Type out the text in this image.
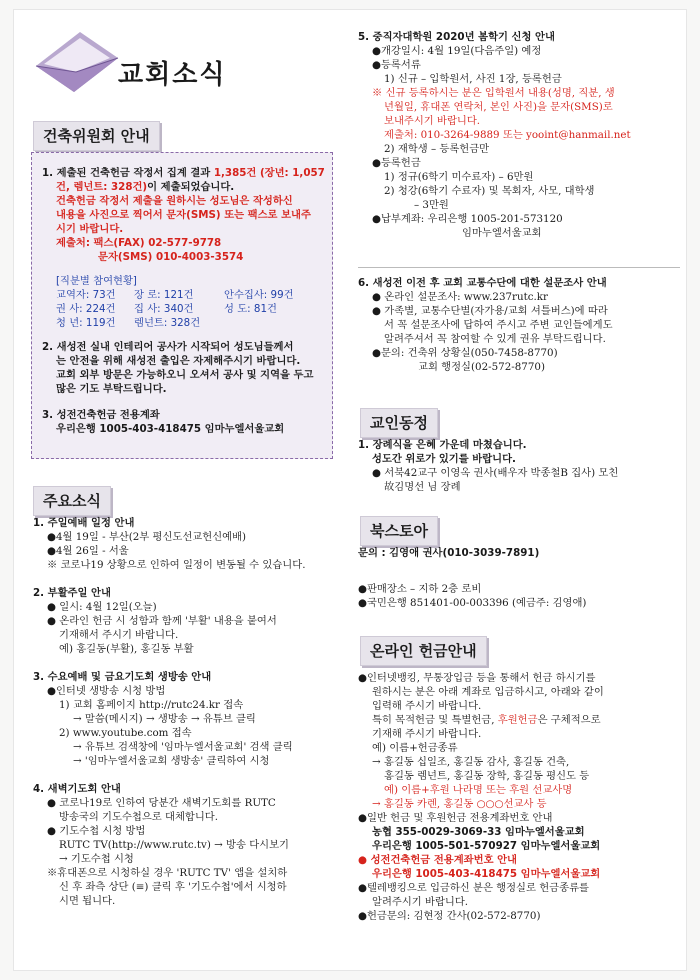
교회소식
건축위원회 안내
1. 제출된 건축헌금 작정서 집계 결과 1,385건 (장년: 1,057
건, 렘넌트: 328건)이 제출되었습니다.
건축헌금 작정서 제출을 원하시는 성도님은 작성하신
내용을 사진으로 찍어서 문자(SMS) 또는 팩스로 보내주
시기 바랍니다.
제출처: 팩스(FAX) 02-577-9778
문자(SMS) 010-4003-3574
[직분별 참여현황]
교역자: 73건	장 로: 121건	안수집사: 99건
권 사: 224건	집 사: 340건	성 도: 81건
청 년: 119건	렘넌트: 328건
2. 새성전 실내 인테리어 공사가 시작되어 성도님들께서
는 안전을 위해 새성전 출입은 자제해주시기 바랍니다.
교회 외부 방문은 가능하오니 오셔서 공사 및 지역을 두고
많은 기도 부탁드립니다.
3. 성전건축헌금 전용계좌
우리은행 1005-403-418475 임마누엘서울교회
주요소식
1. 주일예배 일정 안내
●4월 19일 - 부산(2부 평신도선교헌신예배)
●4월 26일 - 서울
※ 코로나19 상황으로 인하여 일정이 변동될 수 있습니다.
2. 부활주일 안내
● 일시: 4월 12일(오늘)
● 온라인 헌금 시 성함과 함께 '부활' 내용을 붙여서
기재해서 주시기 바랍니다.
예) 홍길동(부활), 홍길동 부활
3. 수요예배 및 금요기도회 생방송 안내
●인터넷 생방송 시청 방법
1) 교회 홈페이지 http://rutc24.kr 접속
→ 말씀(메시지) → 생방송 → 유튜브 클릭
2) www.youtube.com 접속
→ 유튜브 검색창에 '임마누엘서울교회' 검색 클릭
→ '임마누엘서울교회 생방송' 클릭하여 시청
4. 새벽기도회 안내
● 코로나19로 인하여 당분간 새벽기도회를 RUTC
방송국의 기도수첩으로 대체합니다.
● 기도수첩 시청 방법
RUTC TV(http://www.rutc.tv) → 방송 다시보기
→ 기도수첩 시청
※휴대폰으로 시청하실 경우 'RUTC TV' 앱을 설치하
신 후 좌측 상단 (≡) 클릭 후 '기도수첩'에서 시청하
시면 됩니다.
5. 중직자대학원 2020년 봄학기 신청 안내
●개강일시: 4월 19일(다음주일) 예정
●등록서류
1) 신규 – 입학원서, 사진 1장, 등록헌금
※ 신규 등록하시는 분은 입학원서 내용(성명, 직분, 생
년월일, 휴대폰 연락처, 본인 사진)을 문자(SMS)로
보내주시기 바랍니다.
제출처: 010-3264-9889 또는 yooint@hanmail.net
2) 재학생 – 등록헌금만
●등록헌금
1) 정규(6학기 미수료자) – 6만원
2) 청강(6학기 수료자) 및 목회자, 사모, 대학생
– 3만원
●납부계좌: 우리은행 1005-201-573120
임마누엘서울교회
6. 새성전 이전 후 교회 교통수단에 대한 설문조사 안내
● 온라인 설문조사: www.237rutc.kr
● 가족별, 교통수단별(자가용/교회 셔틀버스)에 따라
서 꼭 설문조사에 답하여 주시고 주변 교인들에게도
알려주셔서 꼭 참여할 수 있게 권유 부탁드립니다.
●문의: 건축위 상황실(050-7458-8770)
교회 행정실(02-572-8770)
교인동정
1. 장례식을 은혜 가운데 마쳤습니다.
성도간 위로가 있기를 바랍니다.
● 서북42교구 이영옥 권사(배우자 박종철B 집사) 모친
故김명선 님 장례
북스토아
문의 : 김영애 권사(010-3039-7891)
●판매장소 – 지하 2층 로비
●국민은행 851401-00-003396 (예금주: 김영애)
온라인 헌금안내
●인터넷뱅킹, 무통장입금 등을 통해서 헌금 하시기를
원하시는 분은 아래 계좌로 입금하시고, 아래와 같이
입력해 주시기 바랍니다.
특히 목적헌금 및 특별헌금, 후원헌금은 구체적으로
기재해 주시기 바랍니다.
예) 이름+헌금종류
→ 홍길동 십일조, 홍길동 감사, 홍길동 건축,
홍길동 렘넌트, 홍길동 장학, 홍길동 평신도 등
예) 이름+후원 나라명 또는 후원 선교사명
→ 홍길동 카렌, 홍길동 ○○○선교사 등
●일반 헌금 및 후원헌금 전용계좌번호 안내
농협 355-0029-3069-33 임마누엘서울교회
우리은행 1005-501-570927 임마누엘서울교회
● 성전건축헌금 전용계좌번호 안내
우리은행 1005-403-418475 임마누엘서울교회
●텔레뱅킹으로 입금하신 분은 행정실로 헌금종류를
알려주시기 바랍니다.
●헌금문의: 김현정 간사(02-572-8770)
